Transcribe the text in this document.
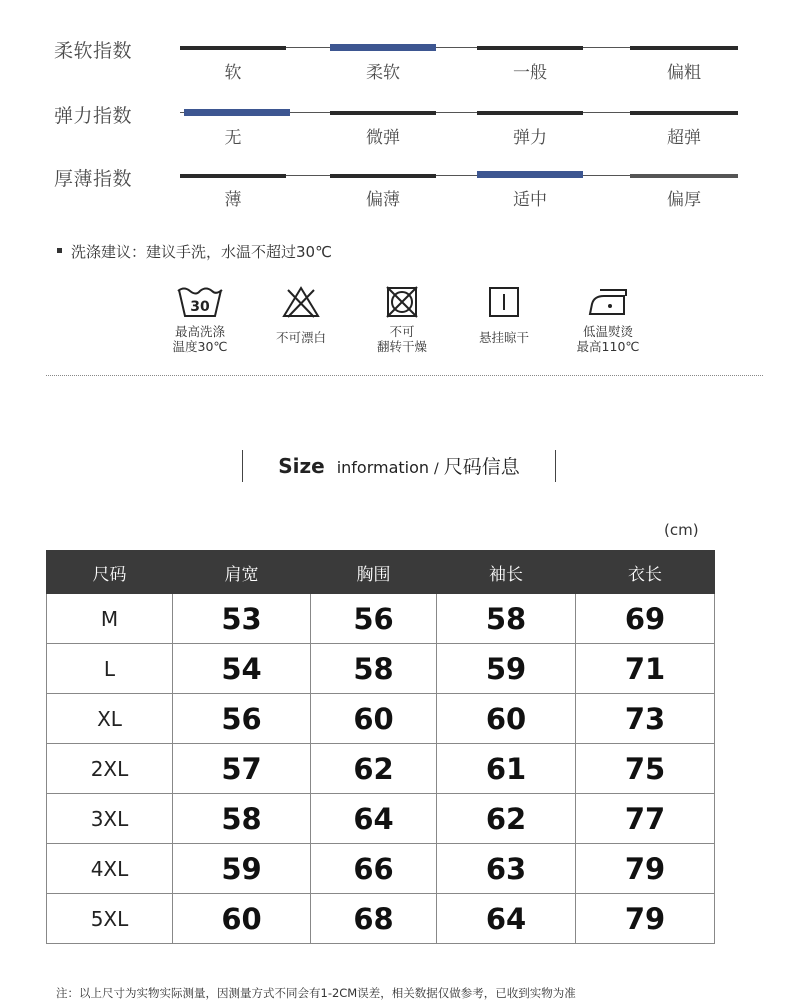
柔软指数
软	柔软	一般	偏粗
弹力指数
无	微弹	弹力	超弹
厚薄指数
薄	偏薄	适中	偏厚
洗涤建议：建议手洗，水温不超过30℃
30
最高洗涤
温度30℃
不可漂白	不可
翻转干燥
悬挂晾干	低温熨烫
最高110℃
Size information / 尺码信息
(cm)
尺码	肩宽	胸围	袖长	衣长
M	53	56	58	69
L	54	58	59	71
XL	56	60	60	73
2XL	57	62	61	75
3XL	58	64	62	77
4XL	59	66	63	79
5XL	60	68	64	79
注：以上尺寸为实物实际测量，因测量方式不同会有1-2CM误差，相关数据仅做参考，已收到实物为准
